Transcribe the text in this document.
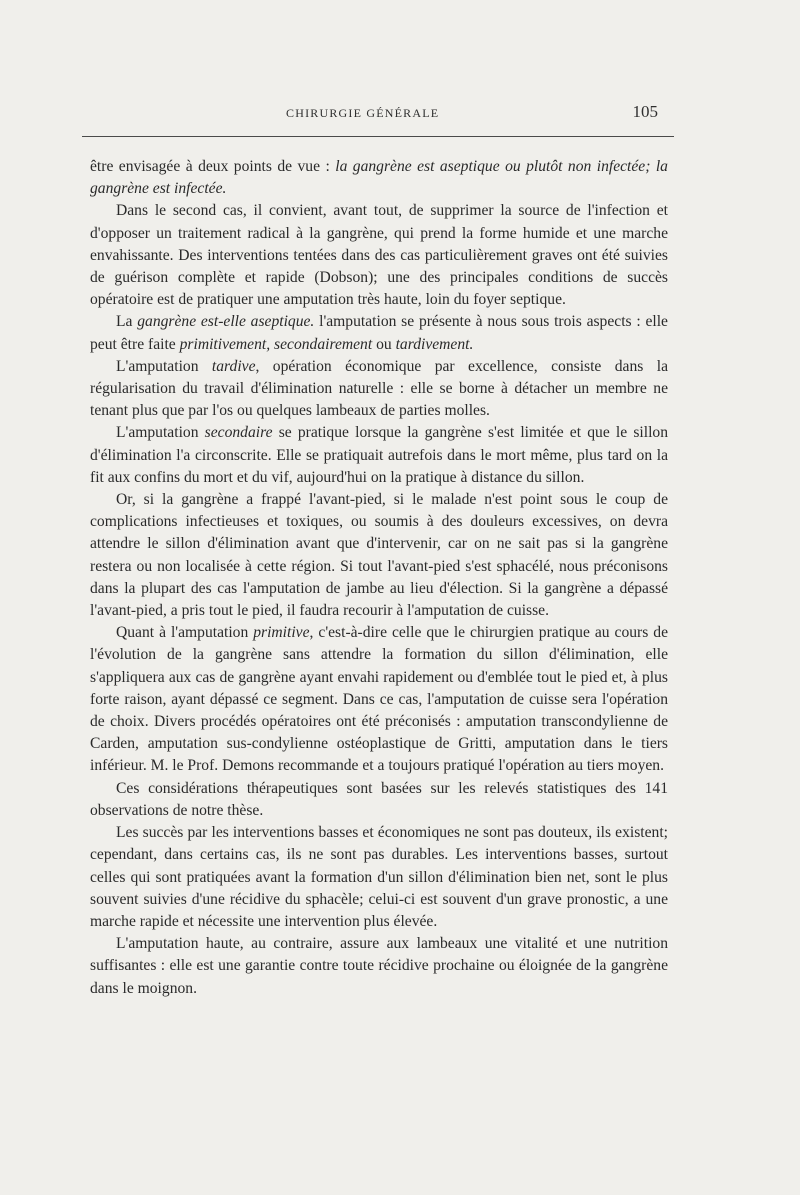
CHIRURGIE GÉNÉRALE	105

être envisagée à deux points de vue : la gangrène est aseptique ou plutôt non infectée; la gangrène est infectée.

Dans le second cas, il convient, avant tout, de supprimer la source de l'infection et d'opposer un traitement radical à la gangrène, qui prend la forme humide et une marche envahissante. Des interventions tentées dans des cas particulièrement graves ont été suivies de guérison complète et rapide (Dobson); une des principales conditions de succès opératoire est de pratiquer une amputation très haute, loin du foyer septique.

La gangrène est-elle aseptique. l'amputation se présente à nous sous trois aspects : elle peut être faite primitivement, secondairement ou tardivement.

L'amputation tardive, opération économique par excellence, consiste dans la régularisation du travail d'élimination naturelle : elle se borne à détacher un membre ne tenant plus que par l'os ou quelques lambeaux de parties molles.

L'amputation secondaire se pratique lorsque la gangrène s'est limitée et que le sillon d'élimination l'a circonscrite. Elle se pratiquait autrefois dans le mort même, plus tard on la fit aux confins du mort et du vif, aujourd'hui on la pratique à distance du sillon.

Or, si la gangrène a frappé l'avant-pied, si le malade n'est point sous le coup de complications infectieuses et toxiques, ou soumis à des douleurs excessives, on devra attendre le sillon d'élimination avant que d'intervenir, car on ne sait pas si la gangrène restera ou non localisée à cette région. Si tout l'avant-pied s'est sphacélé, nous préconisons dans la plupart des cas l'amputation de jambe au lieu d'élection. Si la gangrène a dépassé l'avant-pied, a pris tout le pied, il faudra recourir à l'amputation de cuisse.

Quant à l'amputation primitive, c'est-à-dire celle que le chirurgien pratique au cours de l'évolution de la gangrène sans attendre la formation du sillon d'élimination, elle s'appliquera aux cas de gangrène ayant envahi rapidement ou d'emblée tout le pied et, à plus forte raison, ayant dépassé ce segment. Dans ce cas, l'amputation de cuisse sera l'opération de choix. Divers procédés opératoires ont été préconisés : amputation transcondylienne de Carden, amputation sus-condylienne ostéoplastique de Gritti, amputation dans le tiers inférieur. M. le Prof. Demons recommande et a toujours pratiqué l'opération au tiers moyen.

Ces considérations thérapeutiques sont basées sur les relevés statistiques des 141 observations de notre thèse.

Les succès par les interventions basses et économiques ne sont pas douteux, ils existent; cependant, dans certains cas, ils ne sont pas durables. Les interventions basses, surtout celles qui sont pratiquées avant la formation d'un sillon d'élimination bien net, sont le plus souvent suivies d'une récidive du sphacèle; celui-ci est souvent d'un grave pronostic, a une marche rapide et nécessite une intervention plus élevée.

L'amputation haute, au contraire, assure aux lambeaux une vitalité et une nutrition suffisantes : elle est une garantie contre toute récidive prochaine ou éloignée de la gangrène dans le moignon.
